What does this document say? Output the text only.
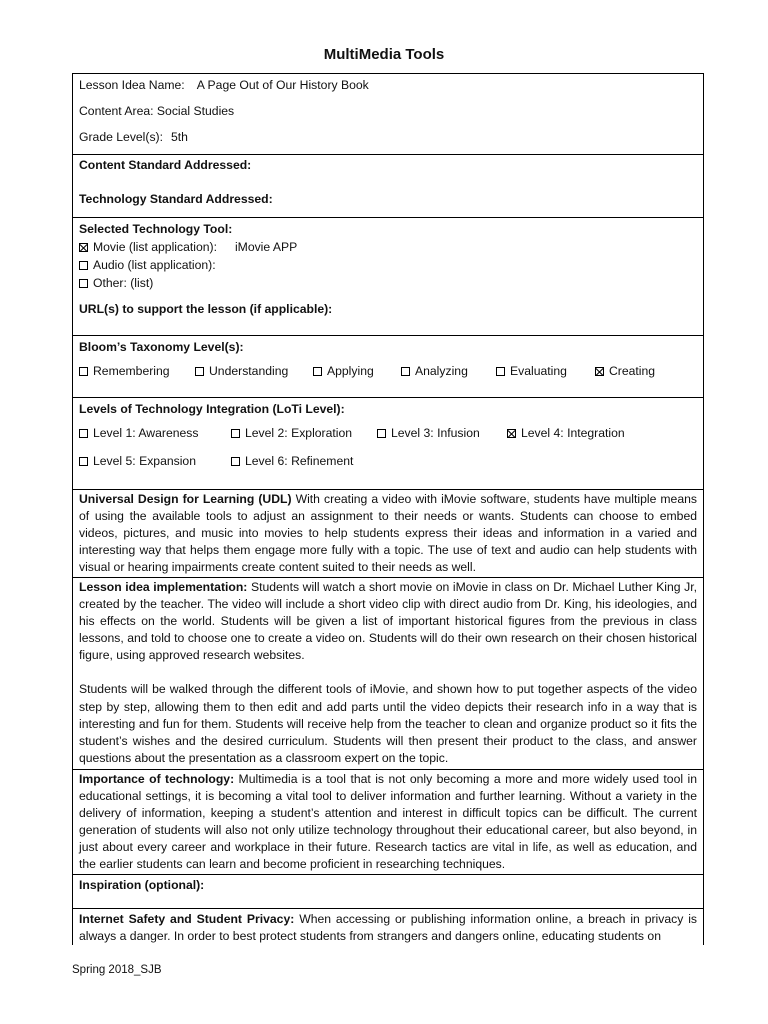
MultiMedia Tools
Lesson Idea Name: A Page Out of Our History Book
Content Area: Social Studies
Grade Level(s): 5th
Content Standard Addressed:
Technology Standard Addressed:
Selected Technology Tool:
Movie (list application): iMovie APP
Audio (list application):
Other: (list)
URL(s) to support the lesson (if applicable):
Bloom’s Taxonomy Level(s):
Remembering	Understanding	Applying	Analyzing	Evaluating	Creating
Levels of Technology Integration (LoTi Level):
Level 1: Awareness	Level 2: Exploration	Level 3: Infusion	Level 4: Integration
Level 5: Expansion	Level 6: Refinement

Universal Design for Learning (UDL) With creating a video with iMovie software, students have multiple means of using the available tools to adjust an assignment to their needs or wants. Students can choose to embed videos, pictures, and music into movies to help students express their ideas and information in a varied and interesting way that helps them engage more fully with a topic. The use of text and audio can help students with visual or hearing impairments create content suited to their needs as well.

Lesson idea implementation: Students will watch a short movie on iMovie in class on Dr. Michael Luther King Jr, created by the teacher. The video will include a short video clip with direct audio from Dr. King, his ideologies, and his effects on the world. Students will be given a list of important historical figures from the previous in class lessons, and told to choose one to create a video on. Students will do their own research on their chosen historical figure, using approved research websites.

Students will be walked through the different tools of iMovie, and shown how to put together aspects of the video step by step, allowing them to then edit and add parts until the video depicts their research info in a way that is interesting and fun for them. Students will receive help from the teacher to clean and organize product so it fits the student’s wishes and the desired curriculum. Students will then present their product to the class, and answer questions about the presentation as a classroom expert on the topic.

Importance of technology: Multimedia is a tool that is not only becoming a more and more widely used tool in educational settings, it is becoming a vital tool to deliver information and further learning. Without a variety in the delivery of information, keeping a student’s attention and interest in difficult topics can be difficult. The current generation of students will also not only utilize technology throughout their educational career, but also beyond, in just about every career and workplace in their future. Research tactics are vital in life, as well as education, and the earlier students can learn and become proficient in researching techniques.

Inspiration (optional):

Internet Safety and Student Privacy: When accessing or publishing information online, a breach in privacy is always a danger. In order to best protect students from strangers and dangers online, educating students on

Spring 2018_SJB
